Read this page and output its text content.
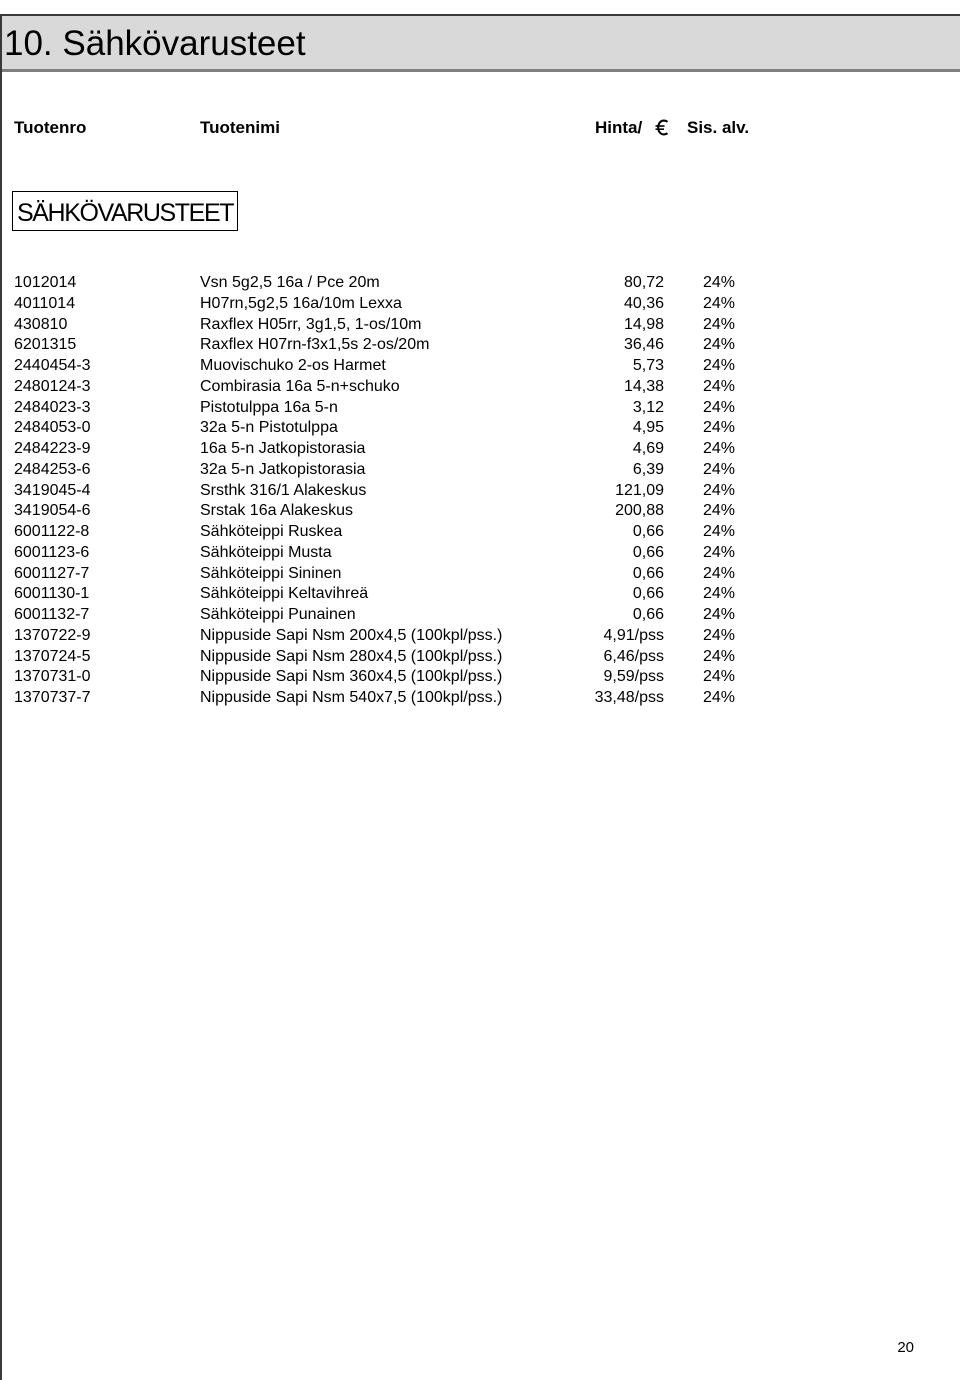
10. Sähkövarusteet
Tuotenro	Tuotenimi	Hinta/	Sis. alv.
SÄHKÖVARUSTEET
1012014	Vsn 5g2,5 16a / Pce 20m	80,72 24%
4011014	H07rn,5g2,5 16a/10m Lexxa	40,36 24%
430810	Raxflex H05rr, 3g1,5, 1-os/10m	14,98 24%
6201315	Raxflex H07rn-f3x1,5s 2-os/20m	36,46 24%
2440454-3	Muovischuko 2-os Harmet	5,73 24%
2480124-3	Combirasia 16a 5-n+schuko	14,38 24%
2484023-3	Pistotulppa 16a 5-n	3,12 24%
2484053-0	32a 5-n Pistotulppa	4,95 24%
2484223-9	16a 5-n Jatkopistorasia	4,69 24%
2484253-6	32a 5-n Jatkopistorasia	6,39 24%
3419045-4	Srsthk 316/1 Alakeskus	121,09 24%
3419054-6	Srstak 16a Alakeskus	200,88 24%
6001122-8	Sähköteippi Ruskea	0,66 24%
6001123-6	Sähköteippi Musta	0,66 24%
6001127-7	Sähköteippi Sininen	0,66 24%
6001130-1	Sähköteippi Keltavihreä	0,66 24%
6001132-7	Sähköteippi Punainen	0,66 24%
1370722-9	Nippuside Sapi Nsm 200x4,5 (100kpl/pss.)	4,91/pss 24%
1370724-5	Nippuside Sapi Nsm 280x4,5 (100kpl/pss.)	6,46/pss 24%
1370731-0	Nippuside Sapi Nsm 360x4,5 (100kpl/pss.)	9,59/pss 24%
1370737-7	Nippuside Sapi Nsm 540x7,5 (100kpl/pss.)	33,48/pss 24%
20
